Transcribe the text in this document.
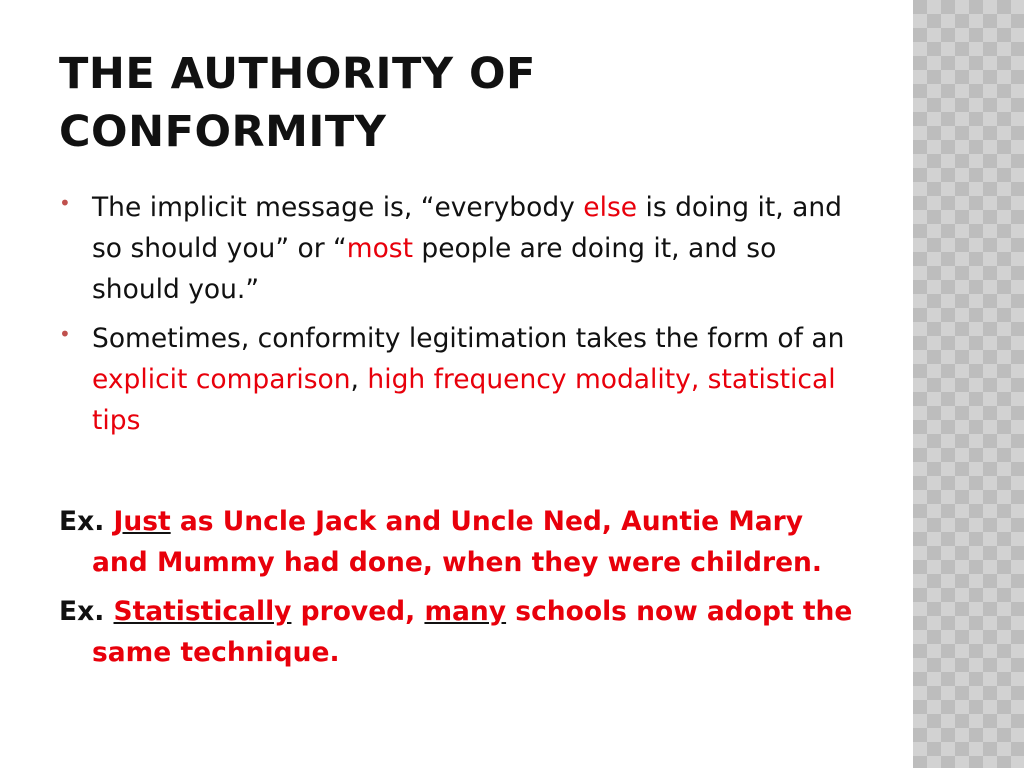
THE AUTHORITY OF
CONFORMITY
• The implicit message is, “everybody else is doing it, and so should you” or “most people are doing it, and so should you.”
• Sometimes, conformity legitimation takes the form of an explicit comparison, high frequency modality, statistical tips
Ex. Just as Uncle Jack and Uncle Ned, Auntie Mary and Mummy had done, when they were children.
Ex. Statistically proved, many schools now adopt the same technique.
